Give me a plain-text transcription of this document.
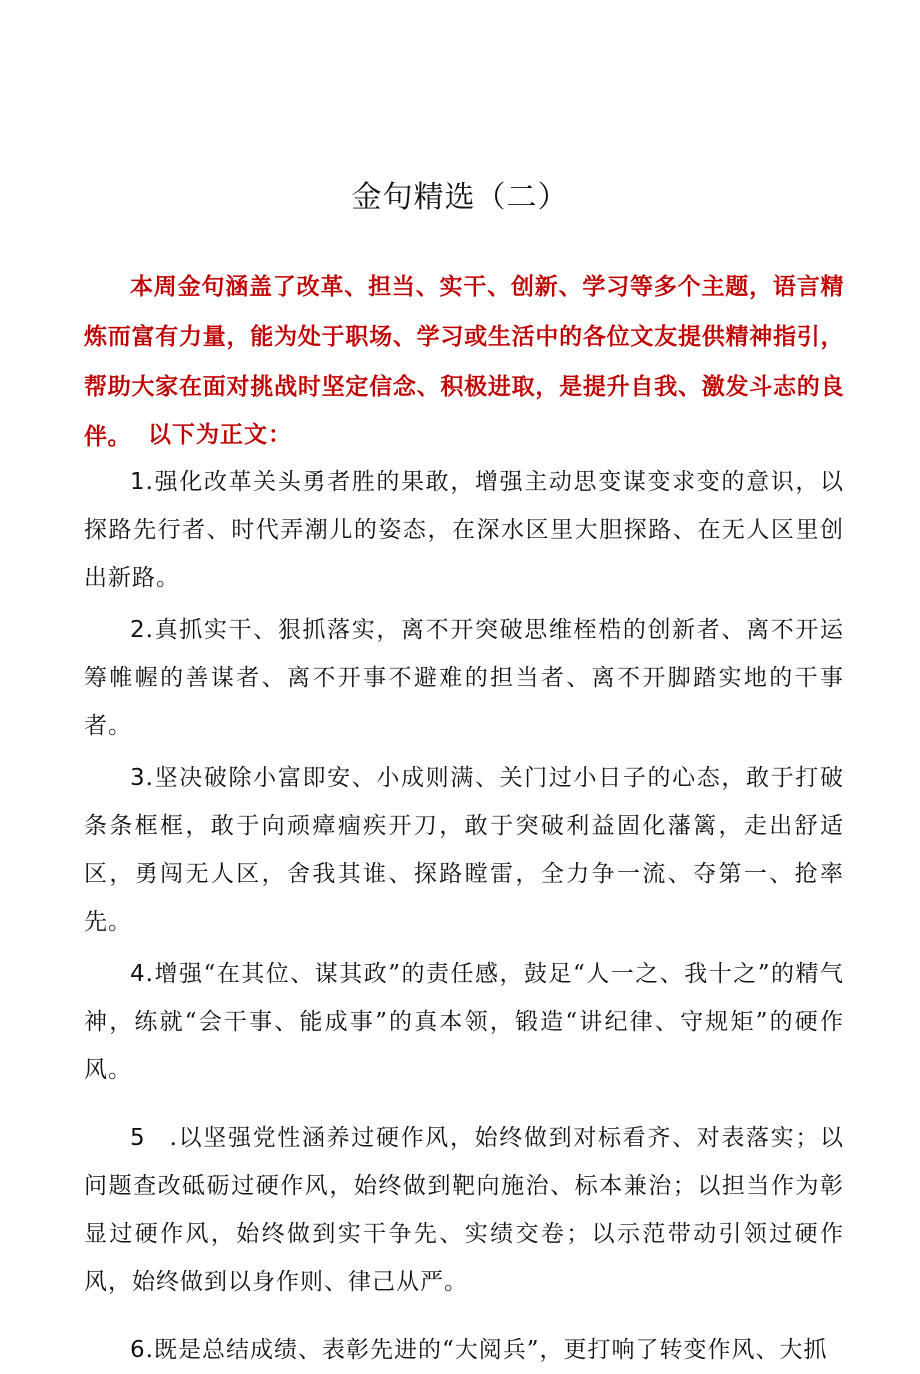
金句精选（二）
本周金句涵盖了改革、担当、实干、创新、学习等多个主题，语言精炼而富有力量，能为处于职场、学习或生活中的各位文友提供精神指引，帮助大家在面对挑战时坚定信念、积极进取，是提升自我、激发斗志的良伴。 以下为正文：

1.强化改革关头勇者胜的果敢，增强主动思变谋变求变的意识，以探路先行者、时代弄潮儿的姿态，在深水区里大胆探路、在无人区里创出新路。

2.真抓实干、狠抓落实，离不开突破思维桎梏的创新者、离不开运筹帷幄的善谋者、离不开事不避难的担当者、离不开脚踏实地的干事者。

3.坚决破除小富即安、小成则满、关门过小日子的心态，敢于打破条条框框，敢于向顽瘴痼疾开刀，敢于突破利益固化藩篱，走出舒适区，勇闯无人区，舍我其谁、探路瞠雷，全力争一流、夺第一、抢率先。

4.增强“在其位、谋其政”的责任感，鼓足“人一之、我十之”的精气神，练就“会干事、能成事”的真本领，锻造“讲纪律、守规矩”的硬作风。

5 .以坚强党性涵养过硬作风，始终做到对标看齐、对表落实；以问题查改砥砺过硬作风，始终做到靶向施治、标本兼治；以担当作为彰显过硬作风，始终做到实干争先、实绩交卷；以示范带动引领过硬作风，始终做到以身作则、律己从严。

6.既是总结成绩、表彰先进的“大阅兵”，更打响了转变作风、大抓
